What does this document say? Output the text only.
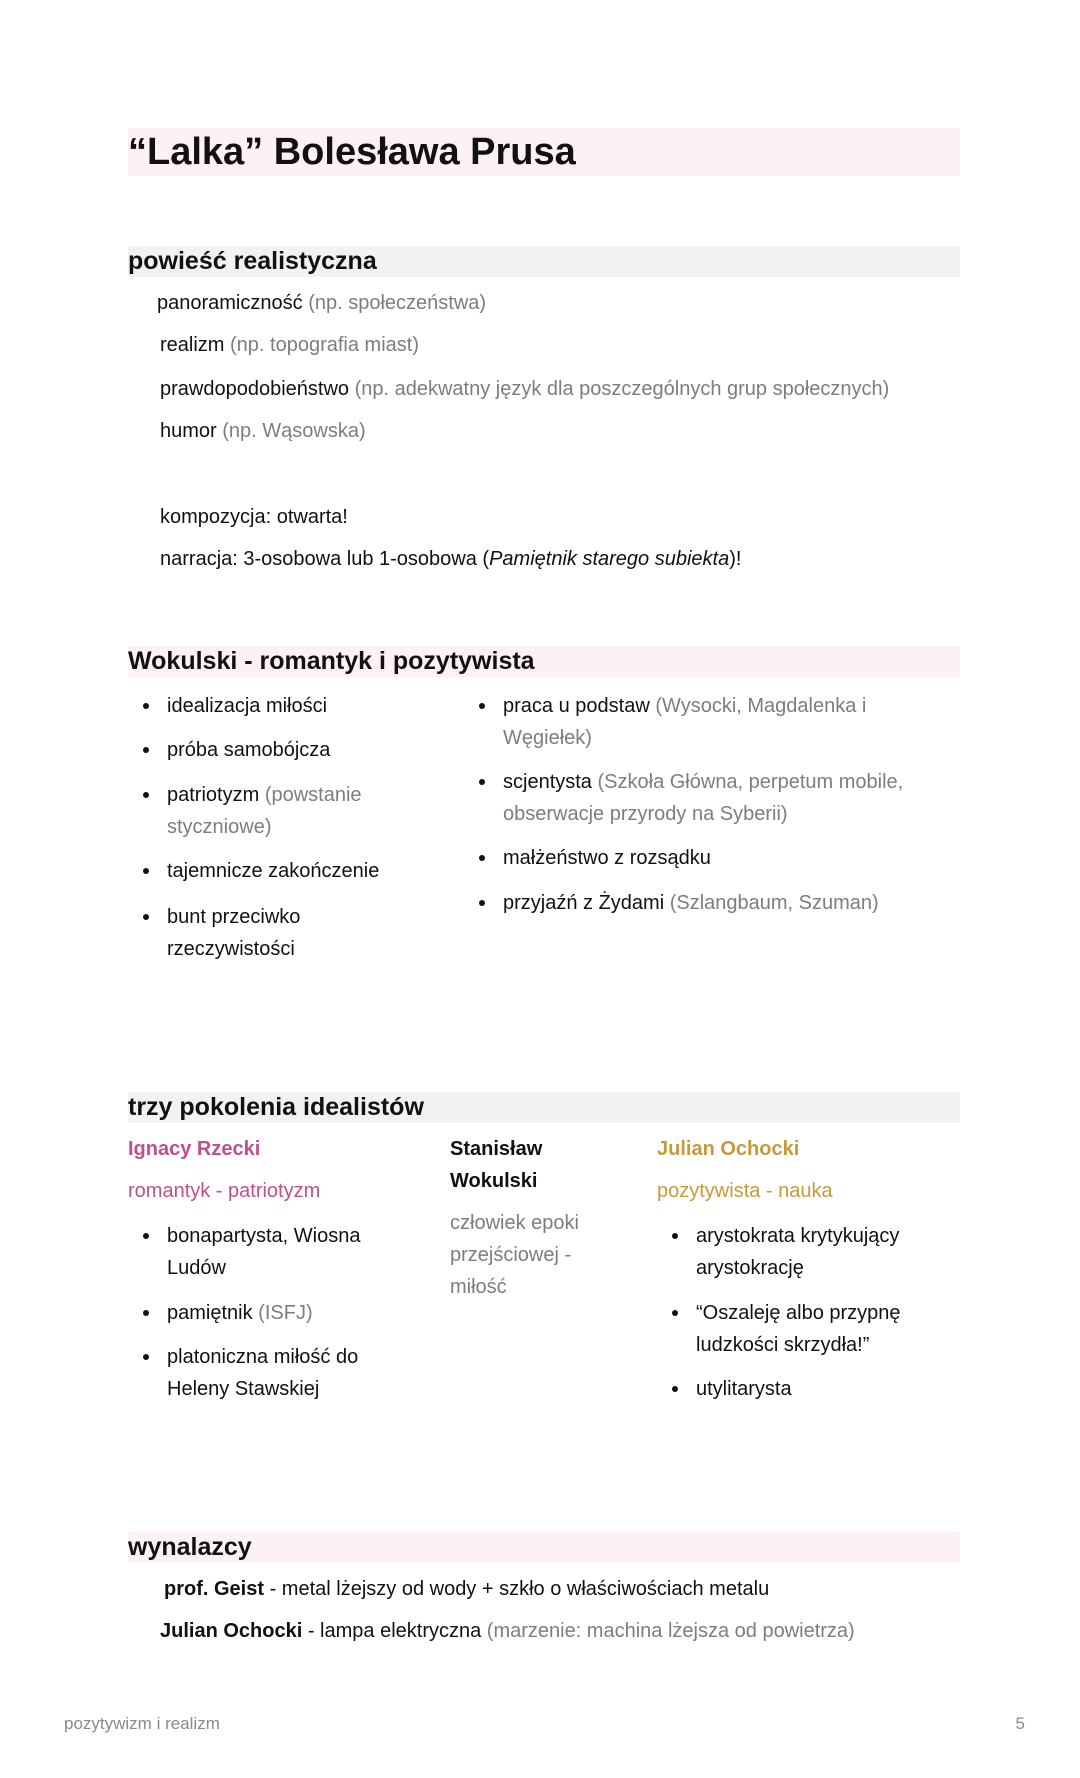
“Lalka” Bolesława Prusa
powieść realistyczna
panoramiczność (np. społeczeństwa)
realizm (np. topografia miast)
prawdopodobieństwo (np. adekwatny język dla poszczególnych grup społecznych)
humor (np. Wąsowska)
kompozycja: otwarta!
narracja: 3-osobowa lub 1-osobowa (Pamiętnik starego subiekta)!
Wokulski - romantyk i pozytywista
idealizacja miłości
próba samobójcza
patriotyzm (powstanie
styczniowe)
tajemnicze zakończenie
bunt przeciwko
rzeczywistości
praca u podstaw (Wysocki, Magdalenka i
Węgiełek)
scjentysta (Szkoła Główna, perpetum mobile,
obserwacje przyrody na Syberii)
małżeństwo z rozsądku
przyjaźń z Żydami (Szlangbaum, Szuman)
trzy pokolenia idealistów
Ignacy Rzecki
romantyk - patriotyzm
bonapartysta, Wiosna
Ludów
pamiętnik (ISFJ)
platoniczna miłość do
Heleny Stawskiej
Stanisław
Wokulski
człowiek epoki
przejściowej -
miłość
Julian Ochocki
pozytywista - nauka
arystokrata krytykujący
arystokrację
“Oszaleję albo przypnę
ludzkości skrzydła!”
utylitarysta
wynalazcy
prof. Geist - metal lżejszy od wody + szkło o właściwościach metalu
Julian Ochocki - lampa elektryczna (marzenie: machina lżejsza od powietrza)
pozytywizm i realizm	5
